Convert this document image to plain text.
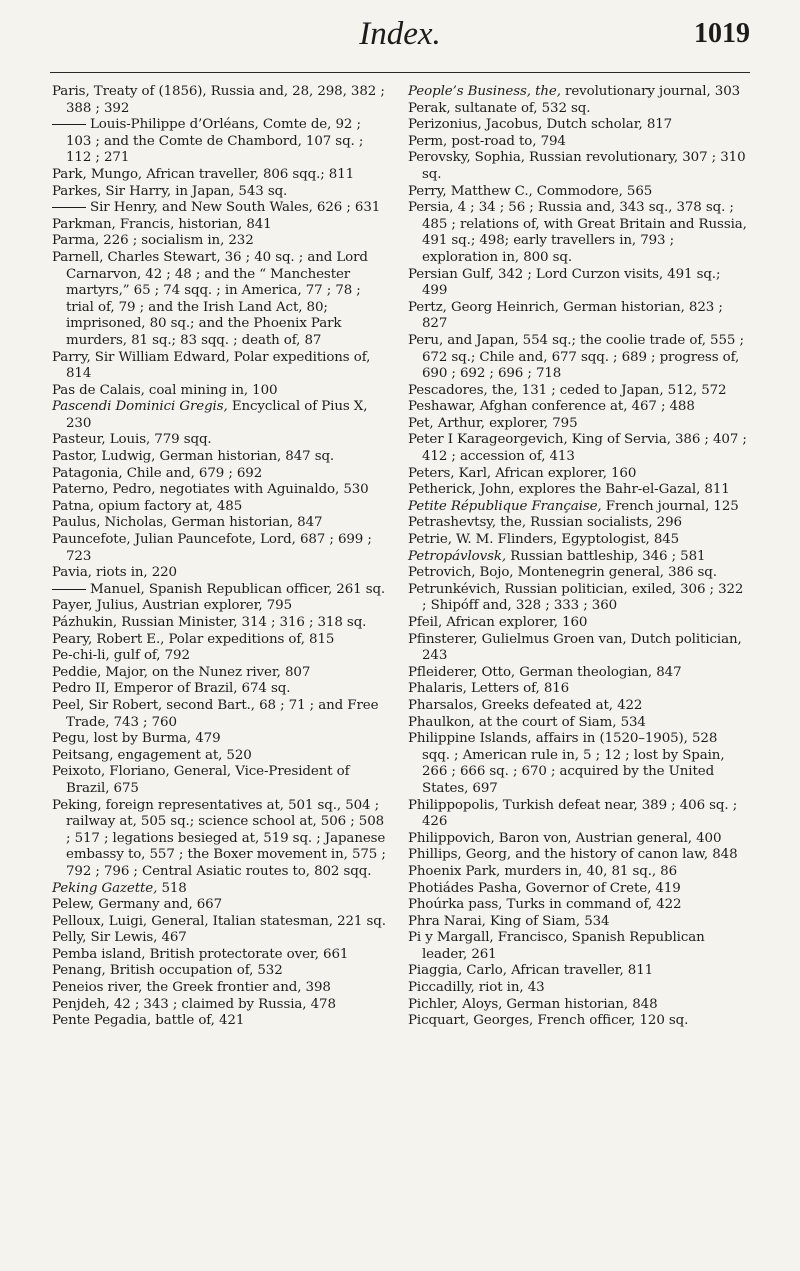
Index.	1019

Paris, Treaty of (1856), Russia and, 28, 298, 382 ; 388 ; 392

Louis-Philippe d’Orléans, Comte de, 92 ; 103 ; and the Comte de Chambord, 107 sq. ; 112 ; 271

Park, Mungo, African traveller, 806 sqq.; 811

Parkes, Sir Harry, in Japan, 543 sq.

Sir Henry, and New South Wales, 626 ; 631

Parkman, Francis, historian, 841

Parma, 226 ; socialism in, 232

Parnell, Charles Stewart, 36 ; 40 sq. ; and Lord Carnarvon, 42 ; 48 ; and the “ Manchester martyrs,” 65 ; 74 sqq. ; in America, 77 ; 78 ; trial of, 79 ; and the Irish Land Act, 80; imprisoned, 80 sq.; and the Phoenix Park murders, 81 sq.; 83 sqq. ; death of, 87

Parry, Sir William Edward, Polar expeditions of, 814

Pas de Calais, coal mining in, 100

Pascendi Dominici Gregis, Encyclical of Pius X, 230

Pasteur, Louis, 779 sqq.

Pastor, Ludwig, German historian, 847 sq.

Patagonia, Chile and, 679 ; 692

Paterno, Pedro, negotiates with Aguinaldo, 530

Patna, opium factory at, 485

Paulus, Nicholas, German historian, 847

Pauncefote, Julian Pauncefote, Lord, 687 ; 699 ; 723

Pavia, riots in, 220

Manuel, Spanish Republican officer, 261 sq.

Payer, Julius, Austrian explorer, 795

Pázhukin, Russian Minister, 314 ; 316 ; 318 sq.

Peary, Robert E., Polar expeditions of, 815

Pe-chi-li, gulf of, 792

Peddie, Major, on the Nunez river, 807

Pedro II, Emperor of Brazil, 674 sq.

Peel, Sir Robert, second Bart., 68 ; 71 ; and Free Trade, 743 ; 760

Pegu, lost by Burma, 479

Peitsang, engagement at, 520

Peixoto, Floriano, General, Vice-President of Brazil, 675

Peking, foreign representatives at, 501 sq., 504 ; railway at, 505 sq.; science school at, 506 ; 508 ; 517 ; legations besieged at, 519 sq. ; Japanese embassy to, 557 ; the Boxer movement in, 575 ; 792 ; 796 ; Central Asiatic routes to, 802 sqq.

Peking Gazette, 518

Pelew, Germany and, 667

Pelloux, Luigi, General, Italian statesman, 221 sq.

Pelly, Sir Lewis, 467

Pemba island, British protectorate over, 661

Penang, British occupation of, 532

Peneios river, the Greek frontier and, 398

Penjdeh, 42 ; 343 ; claimed by Russia, 478

Pente Pegadia, battle of, 421

People’s Business, the, revolutionary journal, 303

Perak, sultanate of, 532 sq.

Perizonius, Jacobus, Dutch scholar, 817

Perm, post-road to, 794

Perovsky, Sophia, Russian revolutionary, 307 ; 310 sq.

Perry, Matthew C., Commodore, 565

Persia, 4 ; 34 ; 56 ; Russia and, 343 sq., 378 sq. ; 485 ; relations of, with Great Britain and Russia, 491 sq.; 498; early travellers in, 793 ; exploration in, 800 sq.

Persian Gulf, 342 ; Lord Curzon visits, 491 sq.; 499

Pertz, Georg Heinrich, German historian, 823 ; 827

Peru, and Japan, 554 sq.; the coolie trade of, 555 ; 672 sq.; Chile and, 677 sqq. ; 689 ; progress of, 690 ; 692 ; 696 ; 718

Pescadores, the, 131 ; ceded to Japan, 512, 572

Peshawar, Afghan conference at, 467 ; 488

Pet, Arthur, explorer, 795

Peter I Karageorgevich, King of Servia, 386 ; 407 ; 412 ; accession of, 413

Peters, Karl, African explorer, 160

Petherick, John, explores the Bahr-el-Gazal, 811

Petite République Française, French journal, 125

Petrashevtsy, the, Russian socialists, 296

Petrie, W. M. Flinders, Egyptologist, 845

Petropávlovsk, Russian battleship, 346 ; 581

Petrovich, Bojo, Montenegrin general, 386 sq.

Petrunkévich, Russian politician, exiled, 306 ; 322 ; Shipóff and, 328 ; 333 ; 360

Pfeil, African explorer, 160

Pfinsterer, Gulielmus Groen van, Dutch politician, 243

Pfleiderer, Otto, German theologian, 847

Phalaris, Letters of, 816

Pharsalos, Greeks defeated at, 422

Phaulkon, at the court of Siam, 534

Philippine Islands, affairs in (1520–1905), 528 sqq. ; American rule in, 5 ; 12 ; lost by Spain, 266 ; 666 sq. ; 670 ; acquired by the United States, 697

Philippopolis, Turkish defeat near, 389 ; 406 sq. ; 426

Philippovich, Baron von, Austrian general, 400

Phillips, Georg, and the history of canon law, 848

Phoenix Park, murders in, 40, 81 sq., 86

Photiádes Pasha, Governor of Crete, 419

Phoúrka pass, Turks in command of, 422

Phra Narai, King of Siam, 534

Pi y Margall, Francisco, Spanish Republican leader, 261

Piaggia, Carlo, African traveller, 811

Piccadilly, riot in, 43

Pichler, Aloys, German historian, 848

Picquart, Georges, French officer, 120 sq.
